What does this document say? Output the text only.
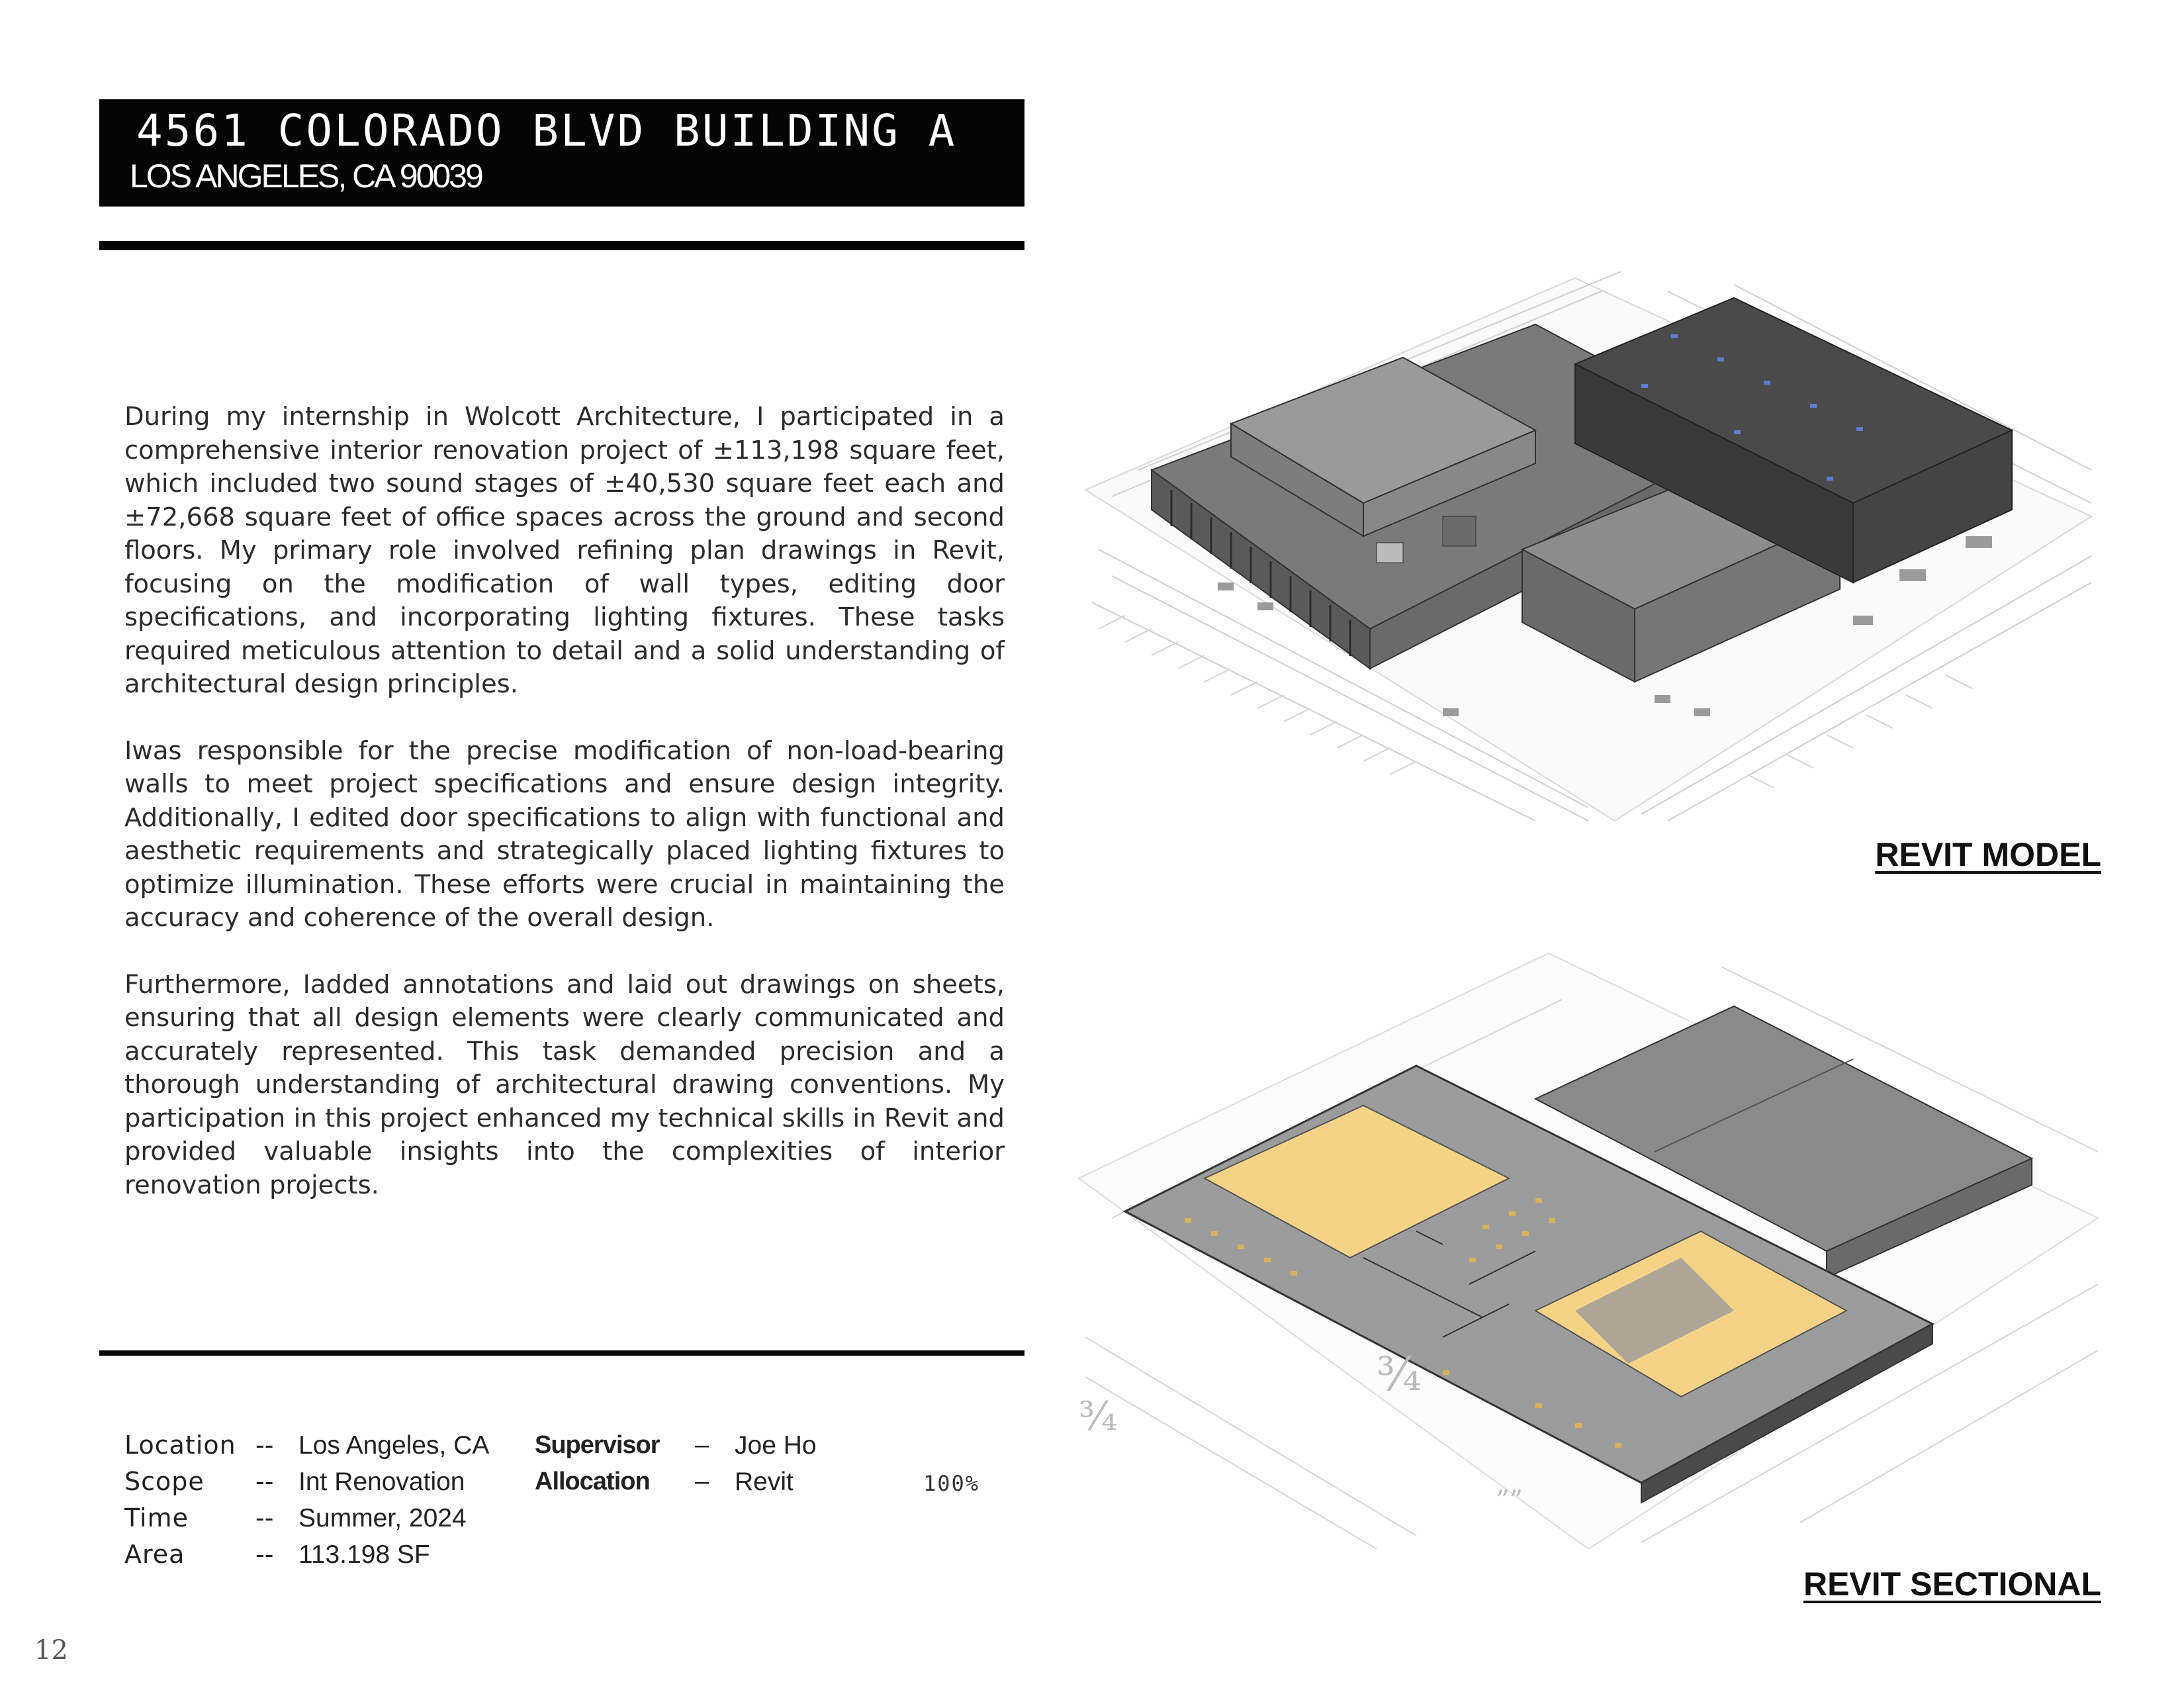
4561 COLORADO BLVD BUILDING A
LOS ANGELES, CA 90039

During my internship in Wolcott Architecture, I participated in a comprehensive interior renovation project of ±113,198 square feet, which included two sound stages of ±40,530 square feet each and ±72,668 square feet of office spaces across the ground and second floors. My primary role involved refining plan drawings in Revit, focusing on the modification of wall types, editing door specifications, and incorporating lighting fixtures. These tasks required meticulous attention to detail and a solid understanding of architectural design principles.

Iwas responsible for the precise modification of non-load-bearing walls to meet project specifications and ensure design integrity. Additionally, I edited door specifications to align with functional and aesthetic requirements and strategically placed lighting fixtures to optimize illumination. These efforts were crucial in maintaining the accuracy and coherence of the overall design.

Furthermore, Iadded annotations and laid out drawings on sheets, ensuring that all design elements were clearly communicated and accurately represented. This task demanded precision and a thorough understanding of architectural drawing conventions. My participation in this project enhanced my technical skills in Revit and provided valuable insights into the complexities of interior renovation projects.

Location -- Los Angeles, CA
Scope -- Int Renovation
Time	-- Summer, 2024
Area	-- 113.198 SF
Supervisor – Joe Ho
Allocation – Revit	100%
12
REVIT MODEL
¾
¾
””
REVIT SECTIONAL
